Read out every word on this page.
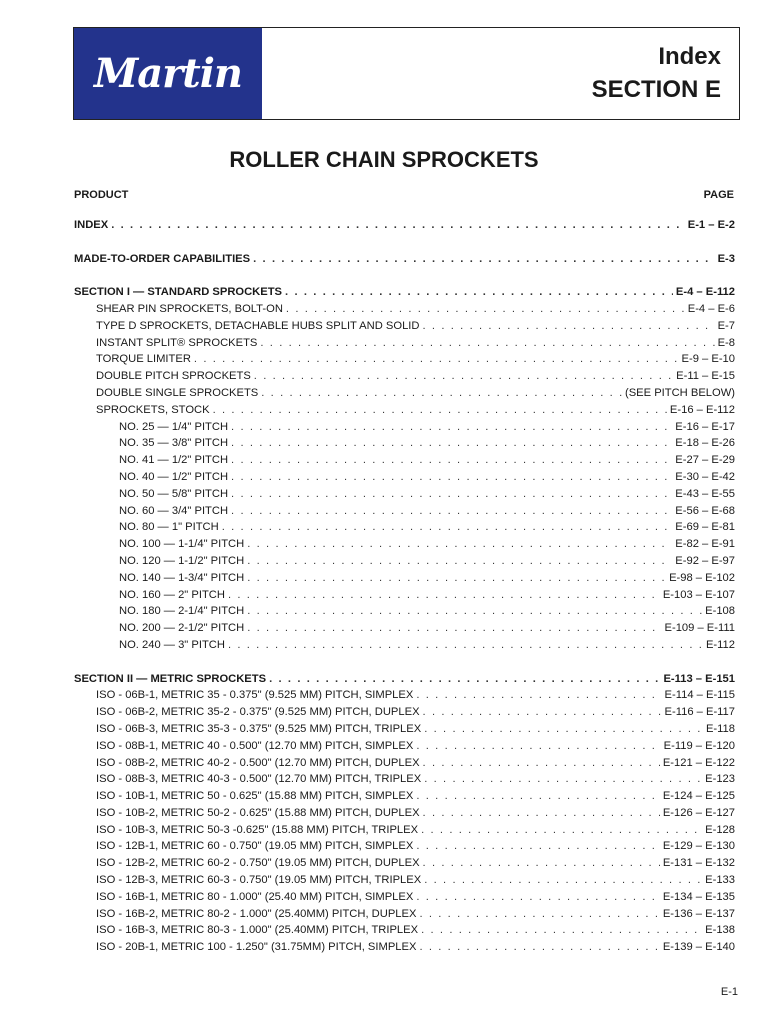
Martin	Index
SECTION E
ROLLER CHAIN SPROCKETS
PRODUCT	PAGE
INDEX . . .	E-1 – E-2
MADE-TO-ORDER CAPABILITIES . . .	E-3
SECTION I — STANDARD SPROCKETS . . .	E-4 – E-112
SHEAR PIN SPROCKETS, BOLT-ON . . .	E-4 – E-6
TYPE D SPROCKETS, DETACHABLE HUBS SPLIT AND SOLID . . .	E-7
INSTANT SPLIT® SPROCKETS . . .	E-8
TORQUE LIMITER . . .	E-9 – E-10
DOUBLE PITCH SPROCKETS . . .	E-11 – E-15
DOUBLE SINGLE SPROCKETS . . .	(SEE PITCH BELOW)
SPROCKETS, STOCK . . .	E-16 – E-112
NO. 25 — 1/4" PITCH . . .	E-16 – E-17
NO. 35 — 3/8" PITCH . . .	E-18 – E-26
NO. 41 — 1/2" PITCH . . .	E-27 – E-29
NO. 40 — 1/2" PITCH . . .	E-30 – E-42
NO. 50 — 5/8" PITCH . . .	E-43 – E-55
NO. 60 — 3/4" PITCH . . .	E-56 – E-68
NO. 80 — 1" PITCH . . .	E-69 – E-81
NO. 100 — 1-1/4" PITCH . . .	E-82 – E-91
NO. 120 — 1-1/2" PITCH . . .	E-92 – E-97
NO. 140 — 1-3/4" PITCH . . .	E-98 – E-102
NO. 160 — 2" PITCH . . .	E-103 – E-107
NO. 180 — 2-1/4" PITCH . . .	E-108
NO. 200 — 2-1/2" PITCH . . .	E-109 – E-111
NO. 240 — 3" PITCH . . .	E-112
SECTION II — METRIC SPROCKETS . . .	E-113 – E-151
ISO - 06B-1, METRIC 35 - 0.375" (9.525 MM) PITCH, SIMPLEX . . .	E-114 – E-115
ISO - 06B-2, METRIC 35-2 - 0.375" (9.525 MM) PITCH, DUPLEX . . .	E-116 – E-117
ISO - 06B-3, METRIC 35-3 - 0.375" (9.525 MM) PITCH, TRIPLEX . . .	E-118
ISO - 08B-1, METRIC 40 - 0.500" (12.70 MM) PITCH, SIMPLEX . . .	E-119 – E-120
ISO - 08B-2, METRIC 40-2 - 0.500" (12.70 MM) PITCH, DUPLEX . . .	E-121 – E-122
ISO - 08B-3, METRIC 40-3 - 0.500" (12.70 MM) PITCH, TRIPLEX . . .	E-123
ISO - 10B-1, METRIC 50 - 0.625" (15.88 MM) PITCH, SIMPLEX . . .	E-124 – E-125
ISO - 10B-2, METRIC 50-2 - 0.625" (15.88 MM) PITCH, DUPLEX . . .	E-126 – E-127
ISO - 10B-3, METRIC 50-3 -0.625" (15.88 MM) PITCH, TRIPLEX . . .	E-128
ISO - 12B-1, METRIC 60 - 0.750" (19.05 MM) PITCH, SIMPLEX . . .	E-129 – E-130
ISO - 12B-2, METRIC 60-2 - 0.750" (19.05 MM) PITCH, DUPLEX . . .	E-131 – E-132
ISO - 12B-3, METRIC 60-3 - 0.750" (19.05 MM) PITCH, TRIPLEX . . .	E-133
ISO - 16B-1, METRIC 80 - 1.000" (25.40 MM) PITCH, SIMPLEX . . .	E-134 – E-135
ISO - 16B-2, METRIC 80-2 - 1.000" (25.40MM) PITCH, DUPLEX . . .	E-136 – E-137
ISO - 16B-3, METRIC 80-3 - 1.000" (25.40MM) PITCH, TRIPLEX . . .	E-138
ISO - 20B-1, METRIC 100 - 1.250" (31.75MM) PITCH, SIMPLEX . . .	E-139 – E-140
E-1
